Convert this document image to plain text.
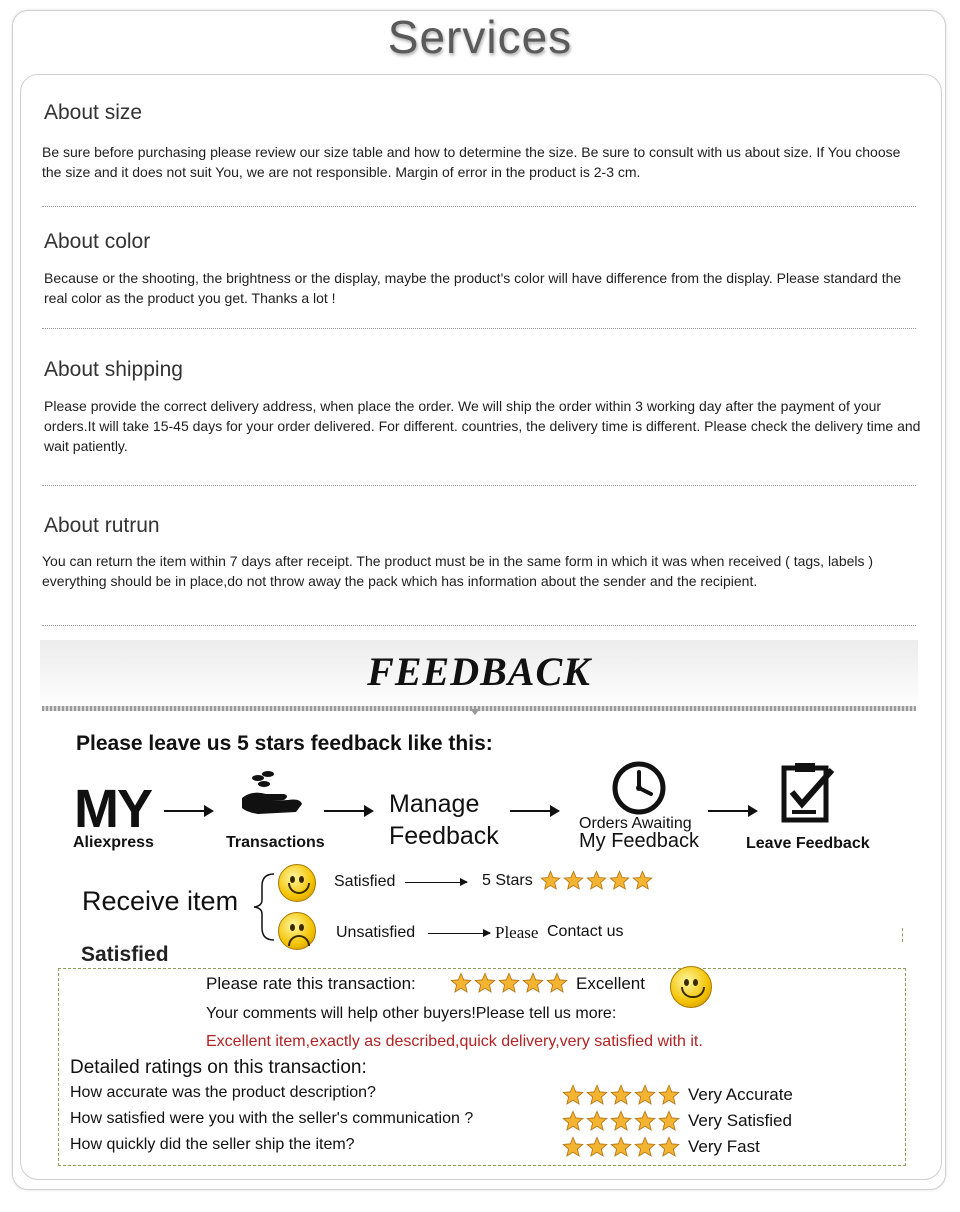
Services
About size

Be sure before purchasing please review our size table and how to determine the size. Be sure to consult with us about size. If You choose the size and it does not suit You, we are not responsible. Margin of error in the product is 2-3 cm.

About color

Because or the shooting, the brightness or the display, maybe the product's color will have difference from the display. Please standard the real color as the product you get. Thanks a lot !

About shipping

Please provide the correct delivery address, when place the order. We will ship the order within 3 working day after the payment of your orders.It will take 15-45 days for your order delivered. For different. countries, the delivery time is different. Please check the delivery time and wait patiently.

About rutrun

You can return the item within 7 days after receipt. The product must be in the same form in which it was when received ( tags, labels ) everything should be in place,do not throw away the pack which has information about the sender and the recipient.

FEEDBACK
Please leave us 5 stars feedback like this:
MY
Aliexpress	Transactions
Manage
Feedback	Orders Awaiting
My Feedback	Leave Feedback
Receive item
Satisfied	5 Stars
Unsatisfied	Please Contact us
Satisfied
Please rate this transaction:	Excellent
Your comments will help other buyers!Please tell us more:
Excellent item,exactly as described,quick delivery,very satisfied with it.
Detailed ratings on this transaction:
How accurate was the product description?	Very Accurate
How satisfied were you with the seller's communication ?	Very Satisfied
How quickly did the seller ship the item?	Very Fast
